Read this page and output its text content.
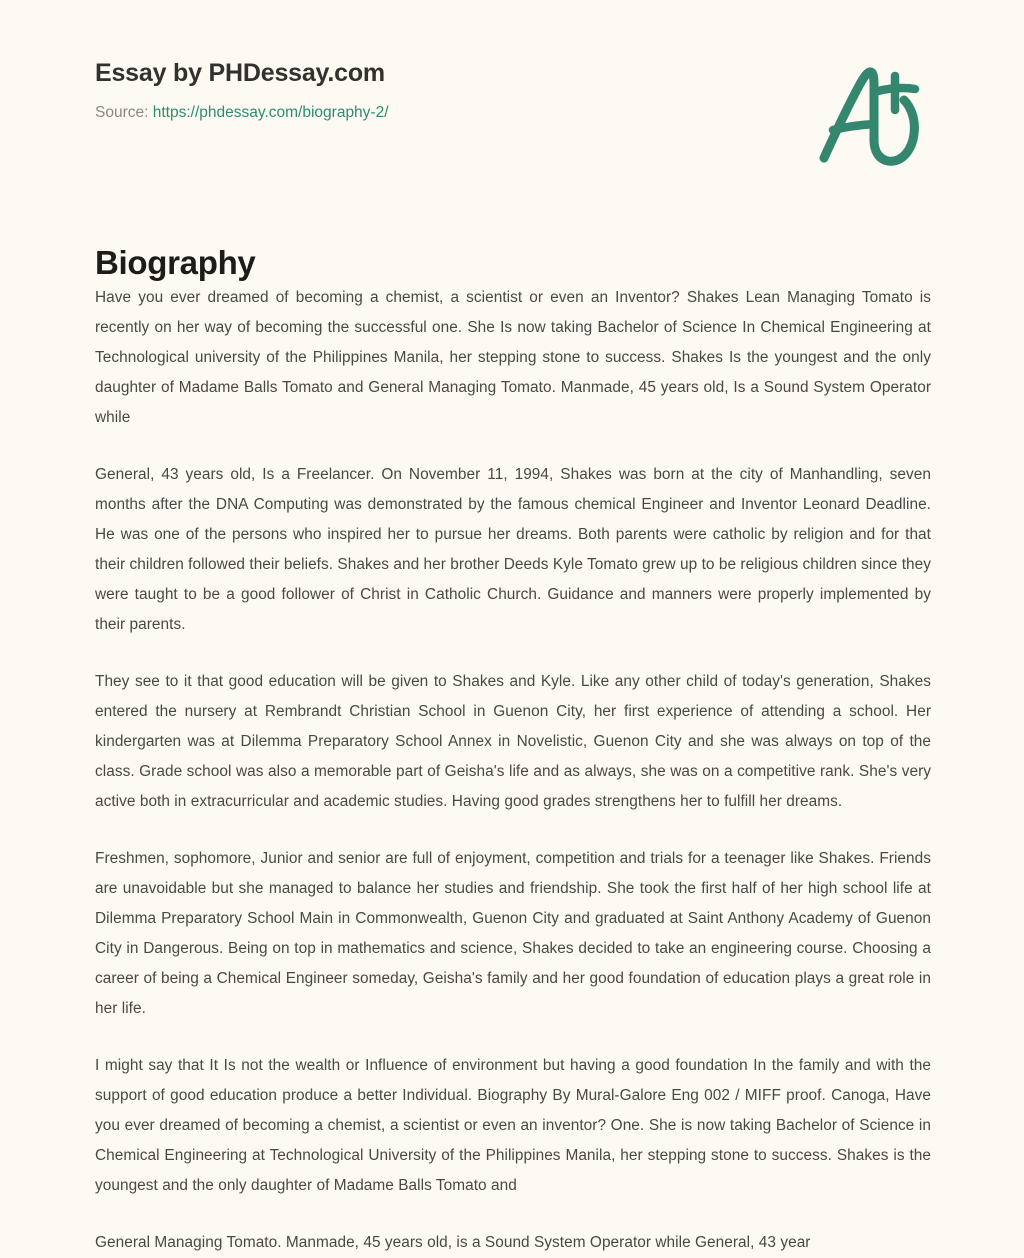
Essay by PHDessay.com
Source: https://phdessay.com/biography-2/
Biography

Have you ever dreamed of becoming a chemist, a scientist or even an Inventor? Shakes Lean Managing Tomato is recently on her way of becoming the successful one. She Is now taking Bachelor of Science In Chemical Engineering at Technological university of the Philippines Manila, her stepping stone to success. Shakes Is the youngest and the only daughter of Madame Balls Tomato and General Managing Tomato. Manmade, 45 years old, Is a Sound System Operator while

General, 43 years old, Is a Freelancer. On November 11, 1994, Shakes was born at the city of Manhandling, seven months after the DNA Computing was demonstrated by the famous chemical Engineer and Inventor Leonard Deadline. He was one of the persons who inspired her to pursue her dreams. Both parents were catholic by religion and for that their children followed their beliefs. Shakes and her brother Deeds Kyle Tomato grew up to be religious children since they were taught to be a good follower of Christ in Catholic Church. Guidance and manners were properly implemented by their parents.

They see to it that good education will be given to Shakes and Kyle. Like any other child of today's generation, Shakes entered the nursery at Rembrandt Christian School in Guenon City, her first experience of attending a school. Her kindergarten was at Dilemma Preparatory School Annex in Novelistic, Guenon City and she was always on top of the class. Grade school was also a memorable part of Geisha's life and as always, she was on a competitive rank. She's very active both in extracurricular and academic studies. Having good grades strengthens her to fulfill her dreams.

Freshmen, sophomore, Junior and senior are full of enjoyment, competition and trials for a teenager like Shakes. Friends are unavoidable but she managed to balance her studies and friendship. She took the first half of her high school life at Dilemma Preparatory School Main in Commonwealth, Guenon City and graduated at Saint Anthony Academy of Guenon City in Dangerous. Being on top in mathematics and science, Shakes decided to take an engineering course. Choosing a career of being a Chemical Engineer someday, Geisha's family and her good foundation of education plays a great role in her life.

I might say that It Is not the wealth or Influence of environment but having a good foundation In the family and with the support of good education produce a better Individual. Biography By Mural-Galore Eng 002 / MIFF proof. Canoga, Have you ever dreamed of becoming a chemist, a scientist or even an inventor? One. She is now taking Bachelor of Science in Chemical Engineering at Technological University of the Philippines Manila, her stepping stone to success. Shakes is the youngest and the only daughter of Madame Balls Tomato and

General Managing Tomato. Manmade, 45 years old, is a Sound System Operator while General, 43 year
